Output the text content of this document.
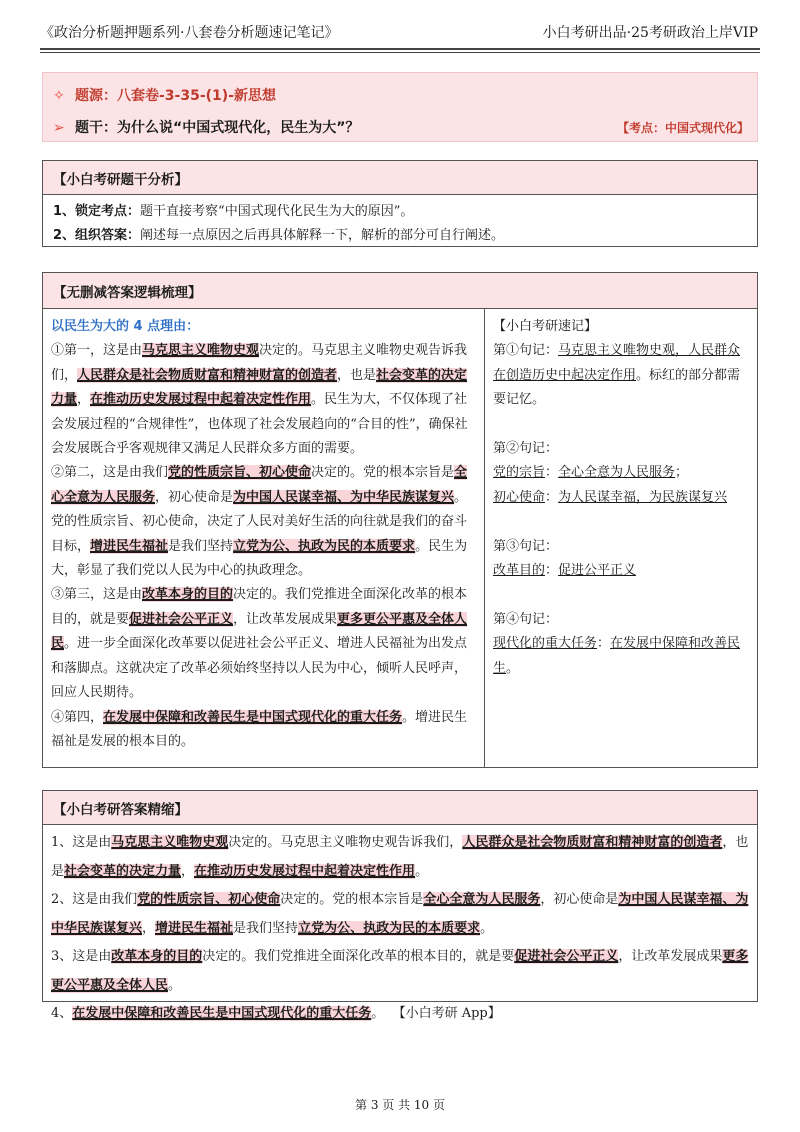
《政治分析题押题系列·八套卷分析题速记笔记》	小白考研出品·25考研政治上岸VIP
✧ 题源：八套卷-3-35-(1)-新思想
➢ 题干：为什么说“中国式现代化，民生为大”？	【考点：中国式现代化】
【小白考研题干分析】
1、锁定考点：题干直接考察“中国式现代化民生为大的原因”。
2、组织答案：阐述每一点原因之后再具体解释一下，解析的部分可自行阐述。
【无删减答案逻辑梳理】
以民生为大的 4 点理由：
①第一，这是由马克思主义唯物史观决定的。马克思主义唯物史观告诉我们，人民群众是社会物质财富和精神财富的创造者，也是社会变革的决定力量，在推动历史发展过程中起着决定性作用。民生为大，不仅体现了社会发展过程的“合规律性”，也体现了社会发展趋向的“合目的性”，确保社会发展既合乎客观规律又满足人民群众多方面的需要。
②第二，这是由我们党的性质宗旨、初心使命决定的。党的根本宗旨是全心全意为人民服务，初心使命是为中国人民谋幸福、为中华民族谋复兴。党的性质宗旨、初心使命，决定了人民对美好生活的向往就是我们的奋斗目标，增进民生福祉是我们坚持立党为公、执政为民的本质要求。民生为大，彰显了我们党以人民为中心的执政理念。
③第三，这是由改革本身的目的决定的。我们党推进全面深化改革的根本目的，就是要促进社会公平正义，让改革发展成果更多更公平惠及全体人民。进一步全面深化改革要以促进社会公平正义、增进人民福祉为出发点和落脚点。这就决定了改革必须始终坚持以人民为中心，倾听人民呼声，回应人民期待。
④第四，在发展中保障和改善民生是中国式现代化的重大任务。增进民生福祉是发展的根本目的。
【小白考研速记】
第①句记：马克思主义唯物史观，人民群众在创造历史中起决定作用。标红的部分都需要记忆。
第②句记：
党的宗旨：全心全意为人民服务；
初心使命：为人民谋幸福，为民族谋复兴
第③句记：
改革目的：促进公平正义
第④句记：
现代化的重大任务：在发展中保障和改善民生。
【小白考研答案精缩】
1、这是由马克思主义唯物史观决定的。马克思主义唯物史观告诉我们，人民群众是社会物质财富和精神财富的创造者，也是社会变革的决定力量，在推动历史发展过程中起着决定性作用。
2、这是由我们党的性质宗旨、初心使命决定的。党的根本宗旨是全心全意为人民服务，初心使命是为中国人民谋幸福、为中华民族谋复兴，增进民生福祉是我们坚持立党为公、执政为民的本质要求。
3、这是由改革本身的目的决定的。我们党推进全面深化改革的根本目的，就是要促进社会公平正义，让改革发展成果更多更公平惠及全体人民。
4、在发展中保障和改善民生是中国式现代化的重大任务。 【小白考研 App】
第 3 页 共 10 页
